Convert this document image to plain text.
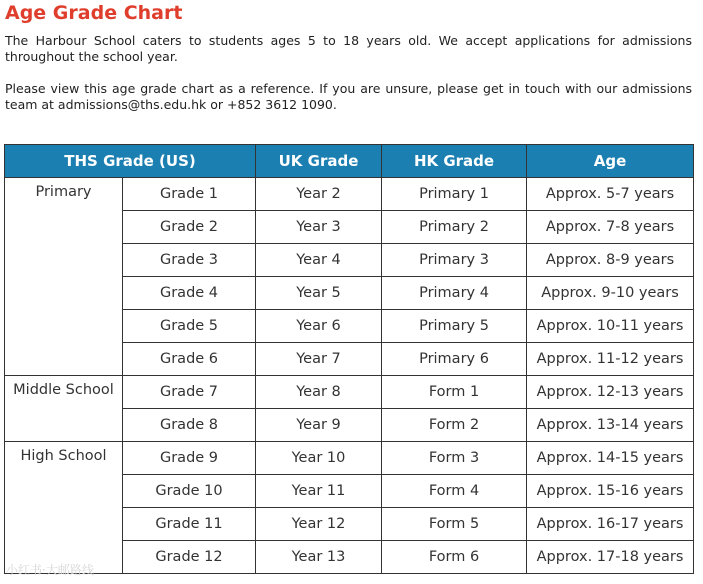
Age Grade Chart

The Harbour School caters to students ages 5 to 18 years old. We accept applications for admissions throughout the school year.

Please view this age grade chart as a reference. If you are unsure, please get in touch with our admissions team at admissions@ths.edu.hk or +852 3612 1090.

THS Grade (US)		UK Grade	HK Grade	Age
Primary	Grade 1	Year 2	Primary 1	Approx. 5-7 years
	Grade 2	Year 3	Primary 2	Approx. 7-8 years
	Grade 3	Year 4	Primary 3	Approx. 8-9 years
	Grade 4	Year 5	Primary 4	Approx. 9-10 years
	Grade 5	Year 6	Primary 5	Approx. 10-11 years
	Grade 6	Year 7	Primary 6	Approx. 11-12 years
Middle School	Grade 7	Year 8	Form 1	Approx. 12-13 years
	Grade 8	Year 9	Form 2	Approx. 13-14 years
High School	Grade 9	Year 10	Form 3	Approx. 14-15 years
	Grade 10	Year 11	Form 4	Approx. 15-16 years
	Grade 11	Year 12	Form 5	Approx. 16-17 years
	Grade 12	Year 13	Form 6	Approx. 17-18 years
小红书·大邮路线
